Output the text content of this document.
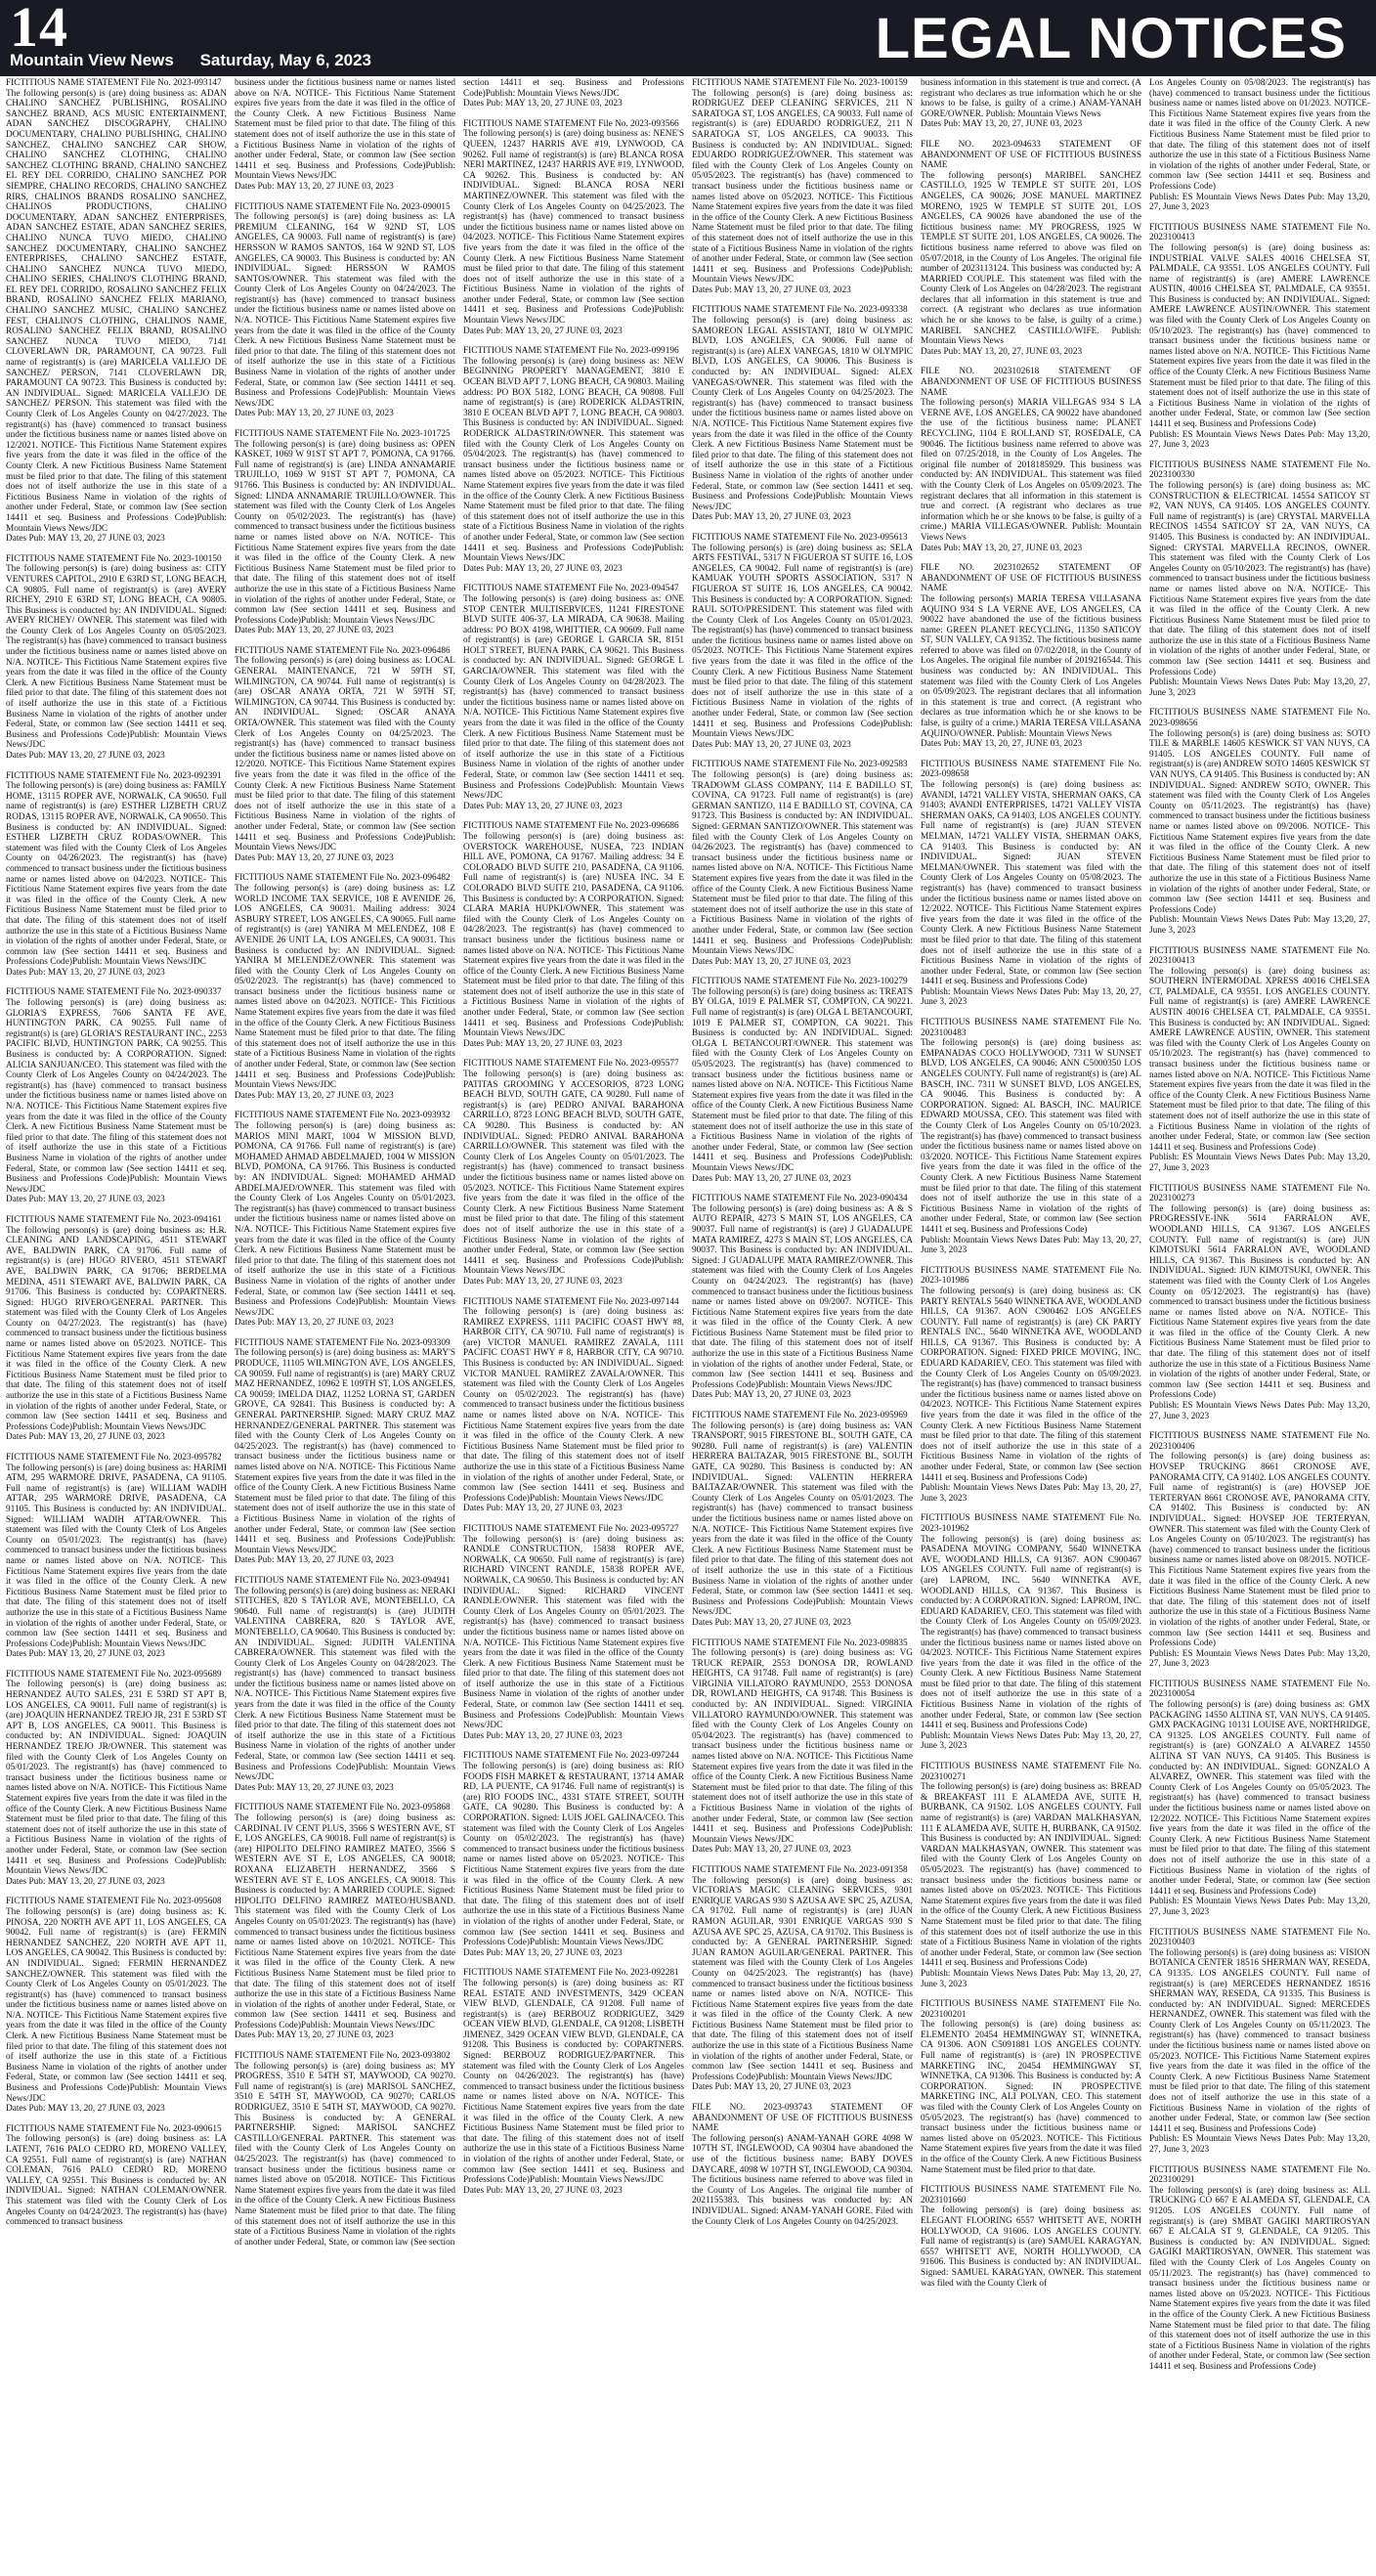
14
Mountain View News Saturday, May 6, 2023	LEGAL NOTICES
FICTITIOUS NAME STATEMENT File No. 2023-093147
The following person(s) is (are) doing business as: ADAN CHALINO SANCHEZ PUBLISHING, ROSALINO SANCHEZ BRAND, ACS MUSIC ENTERTAINMENT, ADAN SANCHEZ DISCOGRAPHY, CHALINO DOCUMENTARY, CHALINO PUBLISHING, CHALINO SANCHEZ, CHALINO SANCHEZ CAR SHOW, CHALINO SANCHEZ CLOTHING, CHALINO SANCHEZ CLOTHING BRAND, CHALINO SANCHEZ EL REY DEL CORRIDO, CHALINO SANCHEZ POR SIEMPRE, CHALINO RECORDS, CHALINO SANCHEZ RIRS, CHALINOS BRANDS ROSALINO SANCHEZ, CHALINOS PRODUCTIONS, CHALINO DOCUMENTARY, ADAN SANCHEZ ENTERPRISES, ADAN SANCHEZ ESTATE, ADAN SANCHEZ SERIES, CHALINO NUNCA TUVO MIEDO, CHALINO SANCHEZ DOCUMENTARY, CHALINO SANCHEZ ENTERPRISES, CHALINO SANCHEZ ESTATE, CHALINO SANCHEZ NUNCA TUVO MIEDO, CHALINO SERIES, CHALINO'S CLOTHING BRAND, EL REY DEL CORRIDO, ROSALINO SANCHEZ FELIX BRAND, ROSALINO SANCHEZ FELIX MARIANO, CHALINO SANCHEZ MUSIC, CHALINO SANCHEZ FEST, CHALINO'S CLOTHING, CHALINOS NAME, ROSALINO SANCHEZ FELIX BRAND, ROSALINO SANCHEZ NUNCA TUVO MIEDO, 7141 CLOVERLAWN DR, PARAMOUNT, CA 90723. Full name of registrant(s) is (are) MARICELA VALLEJO DE SANCHEZ/ PERSON, 7141 CLOVERLAWN DR, PARAMOUNT CA 90723. This Business is conducted by: AN INDIVIDUAL. Signed: MARICELA VALLEJO DE SANCHEZ/ PERSON. This statement was filed with the County Clerk of Los Angeles County on 04/27/2023. The registrant(s) has (have) commenced to transact business under the fictitious business name or names listed above on 12/2021. NOTICE- This Fictitious Name Statement expires five years from the date it was filed in the office of the County Clerk. A new Fictitious Business Name Statement must be filed prior to that date. The filing of this statement does not of itself authorize the use in this state of a Fictitious Business Name in violation of the rights of another under Federal, State, or common law (See section 14411 et seq. Business and Professions Code)Publish: Mountain Views News/JDC
Dates Pub: MAY 13, 20, 27 JUNE 03, 2023
FICTITIOUS NAME STATEMENT File No. 2023-100150
The following person(s) is (are) doing business as: CITY VENTURES CAPITOL, 2910 E 63RD ST, LONG BEACH, CA 90805. Full name of registrant(s) is (are) AVERY RICHEY, 2910 E 63RD ST, LONG BEACH, CA 90805. This Business is conducted by: AN INDIVIDUAL. Signed: AVERY RICHEY/ OWNER. This statement was filed with the County Clerk of Los Angeles County on 05/05/2023. The registrant(s) has (have) commenced to transact business under the fictitious business name or names listed above on N/A. NOTICE- This Fictitious Name Statement expires five years from the date it was filed in the office of the County Clerk. A new Fictitious Business Name Statement must be filed prior to that date. The filing of this statement does not of itself authorize the use in this state of a Fictitious Business Name in violation of the rights of another under Federal, State, or common law (See section 14411 et seq. Business and Professions Code)Publish: Mountain Views News/JDC
Dates Pub: MAY 13, 20, 27 JUNE 03, 2023
FICTITIOUS NAME STATEMENT File No. 2023-092391
The following person(s) is (are) doing business as: FAMILY HOME, 13115 ROPER AVE, NORWALK, CA 90650. Full name of registrant(s) is (are) ESTHER LIZBETH CRUZ RODAS, 13115 ROPER AVE, NORWALK, CA 90650. This Business is conducted by: AN INDIVIDUAL. Signed: ESTHER LIZBETH CRUZ RODAS/OWNER. This statement was filed with the County Clerk of Los Angeles County on 04/26/2023. The registrant(s) has (have) commenced to transact business under the fictitious business name or names listed above on 04/2023. NOTICE- This Fictitious Name Statement expires five years from the date it was filed in the office of the County Clerk. A new Fictitious Business Name Statement must be filed prior to that date. The filing of this statement does not of itself authorize the use in this state of a Fictitious Business Name in violation of the rights of another under Federal, State, or common law (See section 14411 et seq. Business and Professions Code)Publish: Mountain Views News/JDC
Dates Pub: MAY 13, 20, 27 JUNE 03, 2023
FICTITIOUS NAME STATEMENT File No. 2023-090337
The following person(s) is (are) doing business as: GLORIA'S EXPRESS, 7606 SANTA FE AVE, HUNTINGTON PARK, CA 90255. Full name of registrant(s) is (are) GLORIA'S RESTAURANT INC., 2253 PACIFIC BLVD, HUNTINGTON PARK, CA 90255. This Business is conducted by: A CORPORATION. Signed: ALICIA SANJUAN/CEO. This statement was filed with the County Clerk of Los Angeles County on 04/24/2023. The registrant(s) has (have) commenced to transact business under the fictitious business name or names listed above on N/A. NOTICE- This Fictitious Name Statement expires five years from the date it was filed in the office of the County Clerk. A new Fictitious Business Name Statement must be filed prior to that date. The filing of this statement does not of itself authorize the use in this state of a Fictitious Business Name in violation of the rights of another under Federal, State, or common law (See section 14411 et seq. Business and Professions Code)Publish: Mountain Views News/JDC
Dates Pub: MAY 13, 20, 27 JUNE 03, 2023
FICTITIOUS NAME STATEMENT File No. 2023-094161
The following person(s) is (are) doing business as: H.R. CLEANING AND LANDSCAPING, 4511 STEWART AVE, BALDWIN PARK, CA 91706. Full name of registrant(s) is (are) HUGO RIVERO, 4511 STEWART AVE, BALDWIN PARK, CA 91706; BERDELMA MEDINA, 4511 STEWART AVE, BALDWIN PARK, CA 91706. This Business is conducted by: COPARTNERS. Signed: HUGO RIVERO/GENERAL PARTNER. This statement was filed with the County Clerk of Los Angeles County on 04/27/2023. The registrant(s) has (have) commenced to transact business under the fictitious business name or names listed above on 05/2023. NOTICE- This Fictitious Name Statement expires five years from the date it was filed in the office of the County Clerk. A new Fictitious Business Name Statement must be filed prior to that date. The filing of this statement does not of itself authorize the use in this state of a Fictitious Business Name in violation of the rights of another under Federal, State, or common law (See section 14411 et seq. Business and Professions Code)Publish: Mountain Views News/JDC
Dates Pub: MAY 13, 20, 27 JUNE 03, 2023
FICTITIOUS NAME STATEMENT File No. 2023-095782
The following person(s) is (are) doing business as: HARIMI ATM, 295 WARMORE DRIVE, PASADENA, CA 91105. Full name of registrant(s) is (are) WILLIAM WADIH ATTAR, 295 WARMORE DRIVE, PASADENA, CA 91105. This Business is conducted by: AN INDIVIDUAL. Signed: WILLIAM WADIH ATTAR/OWNER. This statement was filed with the County Clerk of Los Angeles County on 05/01/2023. The registrant(s) has (have) commenced to transact business under the fictitious business name or names listed above on N/A. NOTICE- This Fictitious Name Statement expires five years from the date it was filed in the office of the County Clerk. A new Fictitious Business Name Statement must be filed prior to that date. The filing of this statement does not of itself authorize the use in this state of a Fictitious Business Name in violation of the rights of another under Federal, State, or common law (See section 14411 et seq. Business and Professions Code)Publish: Mountain Views News/JDC
Dates Pub: MAY 13, 20, 27 JUNE 03, 2023
FICTITIOUS NAME STATEMENT File No. 2023-095689
The following person(s) is (are) doing business as: HERNANDEZ AUTO SALES, 231 E 53RD ST APT B, LOS ANGELES, CA 90011. Full name of registrant(s) is (are) JOAQUIN HERNANDEZ TREJO JR, 231 E 53RD ST APT B, LOS ANGELES, CA 90011. This Business is conducted by: AN INDIVIDUAL. Signed: JOAQUIN HERNANDEZ TREJO JR/OWNER. This statement was filed with the County Clerk of Los Angeles County on 05/01/2023. The registrant(s) has (have) commenced to transact business under the fictitious business name or names listed above on N/A. NOTICE- This Fictitious Name Statement expires five years from the date it was filed in the office of the County Clerk. A new Fictitious Business Name Statement must be filed prior to that date. The filing of this statement does not of itself authorize the use in this state of a Fictitious Business Name in violation of the rights of another under Federal, State, or common law (See section 14411 et seq. Business and Professions Code)Publish: Mountain Views News/JDC
Dates Pub: MAY 13, 20, 27 JUNE 03, 2023
FICTITIOUS NAME STATEMENT File No. 2023-095608
The following person(s) is (are) doing business as: K. PINOSA, 220 NORTH AVE APT 11, LOS ANGELES, CA 90042. Full name of registrant(s) is (are) FERMIN HERNANDEZ SANCHEZ, 220 NORTH AVE APT 11, LOS ANGELES, CA 90042. This Business is conducted by: AN INDIVIDUAL. Signed: FERMIN HERNANDEZ SANCHEZ/OWNER. This statement was filed with the County Clerk of Los Angeles County on 05/01/2023. The registrant(s) has (have) commenced to transact business under the fictitious business name or names listed above on N/A. NOTICE- This Fictitious Name Statement expires five years from the date it was filed in the office of the County Clerk. A new Fictitious Business Name Statement must be filed prior to that date. The filing of this statement does not of itself authorize the use in this state of a Fictitious Business Name in violation of the rights of another under Federal, State, or common law (See section 14411 et seq. Business and Professions Code)Publish: Mountain Views News/JDC
Dates Pub: MAY 13, 20, 27 JUNE 03, 2023
FICTITIOUS NAME STATEMENT File No. 2023-090615
The following person(s) is (are) doing business as: LA LATENT, 7616 PALO CEDRO RD, MORENO VALLEY, CA 92551. Full name of registrant(s) is (are) NATHAN COLEMAN, 7616 PALO CEDRO RD, MORENO VALLEY, CA 92551. This Business is conducted by: AN INDIVIDUAL. Signed: NATHAN COLEMAN/OWNER. This statement was filed with the County Clerk of Los Angeles County on 04/24/2023. The registrant(s) has (have) commenced to transact business
business under the fictitious business name or names listed above on N/A. NOTICE- This Fictitious Name Statement expires five years from the date it was filed in the office of the County Clerk. A new Fictitious Business Name Statement must be filed prior to that date. The filing of this statement does not of itself authorize the use in this state of a Fictitious Business Name in violation of the rights of another under Federal, State, or common law (See section 14411 et seq. Business and Professions Code)Publish: Mountain Views News/JDC
Dates Pub: MAY 13, 20, 27 JUNE 03, 2023
FICTITIOUS NAME STATEMENT File No. 2023-090015
The following person(s) is (are) doing business as: LA PREMIUM CLEANING, 164 W 92ND ST, LOS ANGELES, CA 90003. Full name of registrant(s) is (are) HERSSON W RAMOS SANTOS, 164 W 92ND ST, LOS ANGELES, CA 90003. This Business is conducted by: AN INDIVIDUAL. Signed: HERSSON W RAMOS SANTOS/OWNER. This statement was filed with the County Clerk of Los Angeles County on 04/24/2023. The registrant(s) has (have) commenced to transact business under the fictitious business name or names listed above on N/A. NOTICE- This Fictitious Name Statement expires five years from the date it was filed in the office of the County Clerk. A new Fictitious Business Name Statement must be filed prior to that date. The filing of this statement does not of itself authorize the use in this state of a Fictitious Business Name in violation of the rights of another under Federal, State, or common law (See section 14411 et seq. Business and Professions Code)Publish: Mountain Views News/JDC
Dates Pub: MAY 13, 20, 27 JUNE 03, 2023
FICTITIOUS NAME STATEMENT File No. 2023-101725
The following person(s) is (are) doing business as: OPEN KASKET, 1069 W 91ST ST APT 7, POMONA, CA 91766. Full name of registrant(s) is (are) LINDA ANNAMARIE TRUJILLO, 1069 W 91ST ST APT 7, POMONA, CA 91766. This Business is conducted by: AN INDIVIDUAL. Signed: LINDA ANNAMARIE TRUJILLO/OWNER. This statement was filed with the County Clerk of Los Angeles County on 05/02/2023. The registrant(s) has (have) commenced to transact business under the fictitious business name or names listed above on N/A. NOTICE- This Fictitious Name Statement expires five years from the date it was filed in the office of the County Clerk. A new Fictitious Business Name Statement must be filed prior to that date. The filing of this statement does not of itself authorize the use in this state of a Fictitious Business Name in violation of the rights of another under Federal, State, or common law (See section 14411 et seq. Business and Professions Code)Publish: Mountain Views News/JDC
Dates Pub: MAY 13, 20, 27 JUNE 03, 2023
FICTITIOUS NAME STATEMENT File No. 2023-096486
The following person(s) is (are) doing business as: LOCAL GENERAL MAINTENANCE, 721 W 59TH ST, WILMINGTON, CA 90744. Full name of registrant(s) is (are) OSCAR ANAYA ORTA, 721 W 59TH ST, WILMINGTON, CA 90744. This Business is conducted by: AN INDIVIDUAL. Signed: OSCAR ANAYA ORTA/OWNER. This statement was filed with the County Clerk of Los Angeles County on 04/25/2023. The registrant(s) has (have) commenced to transact business under the fictitious business name or names listed above on 12/2020. NOTICE- This Fictitious Name Statement expires five years from the date it was filed in the office of the County Clerk. A new Fictitious Business Name Statement must be filed prior to that date. The filing of this statement does not of itself authorize the use in this state of a Fictitious Business Name in violation of the rights of another under Federal, State, or common law (See section 14411 et seq. Business and Professions Code)Publish: Mountain Views News/JDC
Dates Pub: MAY 13, 20, 27 JUNE 03, 2023
FICTITIOUS NAME STATEMENT File No. 2023-096482
The following person(s) is (are) doing business as: LZ WORLD INCOME TAX SERVICE, 108 E AVENIDE 26, LOS ANGELES, CA 90031. Mailing address: 3024 ASBURY STREET, LOS ANGELES, CA 90065. Full name of registrant(s) is (are) YANIRA M MELENDEZ, 108 E AVENIDE 26 UNIT LA, LOS ANGELES, CA 90031. This Business is conducted by: AN INDIVIDUAL. Signed: YANIRA M MELENDEZ/OWNER. This statement was filed with the County Clerk of Los Angeles County on 05/02/2023. The registrant(s) has (have) commenced to transact business under the fictitious business name or names listed above on 04/2023. NOTICE- This Fictitious Name Statement expires five years from the date it was filed in the office of the County Clerk. A new Fictitious Business Name Statement must be filed prior to that date. The filing of this statement does not of itself authorize the use in this state of a Fictitious Business Name in violation of the rights of another under Federal, State, or common law (See section 14411 et seq. Business and Professions Code)Publish: Mountain Views News/JDC
Dates Pub: MAY 13, 20, 27 JUNE 03, 2023
FICTITIOUS NAME STATEMENT File No. 2023-093932
The following person(s) is (are) doing business as: MARIOS MINI MART, 1004 W MISSION BLVD, POMONA, CA 91766. Full name of registrant(s) is (are) MOHAMED AHMAD ABDELMAJED, 1004 W MISSION BLVD, POMONA, CA 91766. This Business is conducted by: AN INDIVIDUAL. Signed: MOHAMED AHMAD ABDELMAJED/OWNER. This statement was filed with the County Clerk of Los Angeles County on 05/01/2023. The registrant(s) has (have) commenced to transact business under the fictitious business name or names listed above on N/A. NOTICE- This Fictitious Name Statement expires five years from the date it was filed in the office of the County Clerk. A new Fictitious Business Name Statement must be filed prior to that date. The filing of this statement does not of itself authorize the use in this state of a Fictitious Business Name in violation of the rights of another under Federal, State, or common law (See section 14411 et seq. Business and Professions Code)Publish: Mountain Views News/JDC
Dates Pub: MAY 13, 20, 27 JUNE 03, 2023
FICTITIOUS NAME STATEMENT File No. 2023-093309
The following person(s) is (are) doing business as: MARY'S PRODUCE, 11105 WILMINGTON AVE, LOS ANGELES, CA 90059. Full name of registrant(s) is (are) MARY CRUZ MAZ HERNANDEZ, 10962 E 109TH ST, LOS ANGELES, CA 90059; IMELDA DIAZ, 11252 LORNA ST, GARDEN GROVE, CA 92841. This Business is conducted by: A GENERAL PARTNERSHIP. Signed: MARY CRUZ MAZ HERNANDEZ/GENERAL PARTNER. This statement was filed with the County Clerk of Los Angeles County on 04/25/2023. The registrant(s) has (have) commenced to transact business under the fictitious business name or names listed above on N/A. NOTICE- This Fictitious Name Statement expires five years from the date it was filed in the office of the County Clerk. A new Fictitious Business Name Statement must be filed prior to that date. The filing of this statement does not of itself authorize the use in this state of a Fictitious Business Name in violation of the rights of another under Federal, State, or common law (See section 14411 et seq. Business and Professions Code)Publish: Mountain Views News/JDC
Dates Pub: MAY 13, 20, 27 JUNE 03, 2023
FICTITIOUS NAME STATEMENT File No. 2023-094941
The following person(s) is (are) doing business as: NERAKI STITCHES, 820 S TAYLOR AVE, MONTEBELLO, CA 90640. Full name of registrant(s) is (are) JUDITH VALENTINA CABRERA, 820 S TAYLOR AVE, MONTEBELLO, CA 90640. This Business is conducted by: AN INDIVIDUAL. Signed: JUDITH VALENTINA CABRERA/OWNER. This statement was filed with the County Clerk of Los Angeles County on 04/28/2023. The registrant(s) has (have) commenced to transact business under the fictitious business name or names listed above on N/A. NOTICE- This Fictitious Name Statement expires five years from the date it was filed in the office of the County Clerk. A new Fictitious Business Name Statement must be filed prior to that date. The filing of this statement does not of itself authorize the use in this state of a Fictitious Business Name in violation of the rights of another under Federal, State, or common law (See section 14411 et seq. Business and Professions Code)Publish: Mountain Views News/JDC
Dates Pub: MAY 13, 20, 27 JUNE 03, 2023
FICTITIOUS NAME STATEMENT File No. 2023-095868
The following person(s) is (are) doing business as: CARDINAL IV CENT PLUS, 3566 S WESTERN AVE, ST E, LOS ANGELES, CA 90018. Full name of registrant(s) is (are) HIPOLITO DELFINO RAMIREZ MATEO, 3566 S WESTERN AVE ST E, LOS ANGELES, CA 90018; ROXANA ELIZABETH HERNANDEZ, 3566 S WESTERN AVE ST E, LOS ANGELES, CA 90018. This Business is conducted by: A MARRIED COUPLE. Signed: HIPOLITO DELFINO RAMIREZ MATEO/HUSBAND. This statement was filed with the County Clerk of Los Angeles County on 05/01/2023. The registrant(s) has (have) commenced to transact business under the fictitious business name or names listed above on 10/2021. NOTICE- This Fictitious Name Statement expires five years from the date it was filed in the office of the County Clerk. A new Fictitious Business Name Statement must be filed prior to that date. The filing of this statement does not of itself authorize the use in this state of a Fictitious Business Name in violation of the rights of another under Federal, State, or common law (See section 14411 et seq. Business and Professions Code)Publish: Mountain Views News/JDC
Dates Pub: MAY 13, 20, 27 JUNE 03, 2023
FICTITIOUS NAME STATEMENT File No. 2023-093802
The following person(s) is (are) doing business as: MY PROGRESS, 3510 E 54TH ST, MAYWOOD, CA 90270. Full name of registrant(s) is (are) MARISOL SANCHEZ, 3510 E 54TH ST, MAYWOOD, CA 90270; CARLOS RODRIGUEZ, 3510 E 54TH ST, MAYWOOD, CA 90270. This Business is conducted by: A GENERAL PARTNERSHIP. Signed: MARISOL SANCHEZ CASTILLO/GENERAL PARTNER. This statement was filed with the County Clerk of Los Angeles County on 04/25/2023. The registrant(s) has (have) commenced to transact business under the fictitious business name or names listed above on 05/2018. NOTICE- This Fictitious Name Statement expires five years from the date it was filed in the office of the County Clerk. A new Fictitious Business Name Statement must be filed prior to that date. The filing of this statement does not of itself authorize the use in this state of a Fictitious Business Name in violation of the rights of another under Federal, State, or common law (See section
section 14411 et seq. Business and Professions Code)Publish: Mountain Views News/JDC
Dates Pub: MAY 13, 20, 27 JUNE 03, 2023
FICTITIOUS NAME STATEMENT File No. 2023-093566
The following person(s) is (are) doing business as: NENE'S QUEEN, 12437 HARRIS AVE #19, LYNWOOD, CA 90262. Full name of registrant(s) is (are) BLANCA ROSA NERI MARTINEZ, 12437 HARRIS AVE #19, LYNWOOD, CA 90262. This Business is conducted by: AN INDIVIDUAL. Signed: BLANCA ROSA NERI MARTINEZ/OWNER. This statement was filed with the County Clerk of Los Angeles County on 04/25/2023. The registrant(s) has (have) commenced to transact business under the fictitious business name or names listed above on 04/2023. NOTICE- This Fictitious Name Statement expires five years from the date it was filed in the office of the County Clerk. A new Fictitious Business Name Statement must be filed prior to that date. The filing of this statement does not of itself authorize the use in this state of a Fictitious Business Name in violation of the rights of another under Federal, State, or common law (See section 14411 et seq. Business and Professions Code)Publish: Mountain Views News/JDC
Dates Pub: MAY 13, 20, 27 JUNE 03, 2023
FICTITIOUS NAME STATEMENT File No. 2023-099196
The following person(s) is (are) doing business as: NEW BEGINNING PROPERTY MANAGEMENT, 3810 E OCEAN BLVD APT 7, LONG BEACH, CA 90803. Mailing address: PO BOX 5182, LONG BEACH, CA 90808. Full name of registrant(s) is (are) RODERICK ALDASTRIN, 3810 E OCEAN BLVD APT 7, LONG BEACH, CA 90803. This Business is conducted by: AN INDIVIDUAL. Signed: RODERICK ALDASTRIN/OWNER. This statement was filed with the County Clerk of Los Angeles County on 05/04/2023. The registrant(s) has (have) commenced to transact business under the fictitious business name or names listed above on 05/2023. NOTICE- This Fictitious Name Statement expires five years from the date it was filed in the office of the County Clerk. A new Fictitious Business Name Statement must be filed prior to that date. The filing of this statement does not of itself authorize the use in this state of a Fictitious Business Name in violation of the rights of another under Federal, State, or common law (See section 14411 et seq. Business and Professions Code)Publish: Mountain Views News/JDC
Dates Pub: MAY 13, 20, 27 JUNE 03, 2023
FICTITIOUS NAME STATEMENT File No. 2023-094547
The following person(s) is (are) doing business as: ONE STOP CENTER MULTISERVICES, 11241 FIRESTONE BLVD SUITE 406-37, LA MIRADA, CA 90638. Mailing address: PO BOX 4198, WHITTIER, CA 90609. Full name of registrant(s) is (are) GEORGE L GARCIA SR, 8151 HOLT STREET, BUENA PARK, CA 90621. This Business is conducted by: AN INDIVIDUAL. Signed: GEORGE L GARCIA/OWNER. This statement was filed with the County Clerk of Los Angeles County on 04/28/2023. The registrant(s) has (have) commenced to transact business under the fictitious business name or names listed above on N/A. NOTICE- This Fictitious Name Statement expires five years from the date it was filed in the office of the County Clerk. A new Fictitious Business Name Statement must be filed prior to that date. The filing of this statement does not of itself authorize the use in this state of a Fictitious Business Name in violation of the rights of another under Federal, State, or common law (See section 14411 et seq. Business and Professions Code)Publish: Mountain Views News/JDC
Dates Pub: MAY 13, 20, 27 JUNE 03, 2023
FICTITIOUS NAME STATEMENT File No. 2023-096686
The following person(s) is (are) doing business as: OVERSTOCK WAREHOUSE, NUSEA, 723 INDIAN HILL AVE, POMONA, CA 91767. Mailing address: 34 E COLORADO BLVD SUITE 210, PASADENA, CA 91106. Full name of registrant(s) is (are) NUSEA INC. 34 E COLORADO BLVD SUITE 210, PASADENA, CA 91106. This Business is conducted by: A CORPORATION. Signed: CLARA MARIA HUPKI/OWNER. This statement was filed with the County Clerk of Los Angeles County on 04/28/2023. The registrant(s) has (have) commenced to transact business under the fictitious business name or names listed above on N/A. NOTICE- This Fictitious Name Statement expires five years from the date it was filed in the office of the County Clerk. A new Fictitious Business Name Statement must be filed prior to that date. The filing of this statement does not of itself authorize the use in this state of a Fictitious Business Name in violation of the rights of another under Federal, State, or common law (See section 14411 et seq. Business and Professions Code)Publish: Mountain Views News/JDC
Dates Pub: MAY 13, 20, 27 JUNE 03, 2023
FICTITIOUS NAME STATEMENT File No. 2023-095577
The following person(s) is (are) doing business as: PATITAS GROOMING Y ACCESORIOS, 8723 LONG BEACH BLVD, SOUTH GATE, CA 90280. Full name of registrant(s) is (are) PEDRO ANIVAL BARAHONA CARRILLO, 8723 LONG BEACH BLVD, SOUTH GATE, CA 90280. This Business is conducted by: AN INDIVIDUAL. Signed: PEDRO ANIVAL BARAHONA CARRILLO/OWNER. This statement was filed with the County Clerk of Los Angeles County on 05/01/2023. The registrant(s) has (have) commenced to transact business under the fictitious business name or names listed above on 05/2023. NOTICE- This Fictitious Name Statement expires five years from the date it was filed in the office of the County Clerk. A new Fictitious Business Name Statement must be filed prior to that date. The filing of this statement does not of itself authorize the use in this state of a Fictitious Business Name in violation of the rights of another under Federal, State, or common law (See section 14411 et seq. Business and Professions Code)Publish: Mountain Views News/JDC
Dates Pub: MAY 13, 20, 27 JUNE 03, 2023
FICTITIOUS NAME STATEMENT File No. 2023-097144
The following person(s) is (are) doing business as: RAMIREZ EXPRESS, 1111 PACIFIC COAST HWY #8, HARBOR CITY, CA 90710. Full name of registrant(s) is (are) VICTOR MANUEL RAMIREZ ZAVALA, 1111 PACIFIC COAST HWY # 8, HARBOR CITY, CA 90710. This Business is conducted by: AN INDIVIDUAL. Signed: VICTOR MANUEL RAMIREZ ZAVALA/OWNER. This statement was filed with the County Clerk of Los Angeles County on 05/02/2023. The registrant(s) has (have) commenced to transact business under the fictitious business name or names listed above on N/A. NOTICE- This Fictitious Name Statement expires five years from the date it was filed in the office of the County Clerk. A new Fictitious Business Name Statement must be filed prior to that date. The filing of this statement does not of itself authorize the use in this state of a Fictitious Business Name in violation of the rights of another under Federal, State, or common law (See section 14411 et seq. Business and Professions Code)Publish: Mountain Views News/JDC
Dates Pub: MAY 13, 20, 27 JUNE 03, 2023
FICTITIOUS NAME STATEMENT File No. 2023-095727
The following person(s) is (are) doing business as: RANDLE CONSTRUCTION, 15838 ROPER AVE, NORWALK, CA 90650. Full name of registrant(s) is (are) RICHARD VINCENT RANDLE, 15838 ROPER AVE, NORWALK, CA 90650. This Business is conducted by: AN INDIVIDUAL. Signed: RICHARD VINCENT RANDLE/OWNER. This statement was filed with the County Clerk of Los Angeles County on 05/01/2023. The registrant(s) has (have) commenced to transact business under the fictitious business name or names listed above on N/A. NOTICE- This Fictitious Name Statement expires five years from the date it was filed in the office of the County Clerk. A new Fictitious Business Name Statement must be filed prior to that date. The filing of this statement does not of itself authorize the use in this state of a Fictitious Business Name in violation of the rights of another under Federal, State, or common law (See section 14411 et seq. Business and Professions Code)Publish: Mountain Views News/JDC
Dates Pub: MAY 13, 20, 27 JUNE 03, 2023
FICTITIOUS NAME STATEMENT File No. 2023-097244
The following person(s) is (are) doing business as: RIO FOODS FISH MARKET & RESTAURANT, 13714 AMAR RD, LA PUENTE, CA 91746. Full name of registrant(s) is (are) RIO FOODS INC., 4331 STATE STREET, SOUTH GATE, CA 90280. This Business is conducted by: A CORPORATION. Signed: LUIS JOEL GALINA/CEO. This statement was filed with the County Clerk of Los Angeles County on 05/02/2023. The registrant(s) has (have) commenced to transact business under the fictitious business name or names listed above on 05/2023. NOTICE- This Fictitious Name Statement expires five years from the date it was filed in the office of the County Clerk. A new Fictitious Business Name Statement must be filed prior to that date. The filing of this statement does not of itself authorize the use in this state of a Fictitious Business Name in violation of the rights of another under Federal, State, or common law (See section 14411 et seq. Business and Professions Code)Publish: Mountain Views News/JDC
Dates Pub: MAY 13, 20, 27 JUNE 03, 2023
FICTITIOUS NAME STATEMENT File No. 2023-092281
The following person(s) is (are) doing business as: RT REAL ESTATE AND INVESTMENTS, 3429 OCEAN VIEW BLVD, GLENDALE, CA 91208. Full name of registrant(s) is (are) BERBOUZ RODRIGUEZ, 3429 OCEAN VIEW BLVD, GLENDALE, CA 91208; LISBETH JIMENEZ, 3429 OCEAN VIEW BLVD, GLENDALE, CA 91208. This Business is conducted by: COPARTNERS. Signed: BERBOUZ RODRIGUEZ/PARTNER. This statement was filed with the County Clerk of Los Angeles County on 04/26/2023. The registrant(s) has (have) commenced to transact business under the fictitious business name or names listed above on N/A. NOTICE- This Fictitious Name Statement expires five years from the date it was filed in the office of the County Clerk. A new Fictitious Business Name Statement must be filed prior to that date. The filing of this statement does not of itself authorize the use in this state of a Fictitious Business Name in violation of the rights of another under Federal, State, or common law (See section 14411 et seq. Business and Professions Code)Publish: Mountain Views News/JDC
Dates Pub: MAY 13, 20, 27 JUNE 03, 2023
FICTITIOUS NAME STATEMENT File No. 2023-100159
The following person(s) is (are) doing business as: RODRIGUEZ DEEP CLEANING SERVICES, 211 N SARATOGA ST, LOS ANGELES, CA 90033. Full name of registrant(s) is (are) EDUARDO RODRIGUEZ, 211 N SARATOGA ST, LOS ANGELES, CA 90033. This Business is conducted by: AN INDIVIDUAL. Signed: EDUARDO RODRIGUEZ/OWNER. This statement was filed with the County Clerk of Los Angeles County on 05/05/2023. The registrant(s) has (have) commenced to transact business under the fictitious business name or names listed above on 05/2023. NOTICE- This Fictitious Name Statement expires five years from the date it was filed in the office of the County Clerk. A new Fictitious Business Name Statement must be filed prior to that date. The filing of this statement does not of itself authorize the use in this state of a Fictitious Business Name in violation of the rights of another under Federal, State, or common law (See section 14411 et seq. Business and Professions Code)Publish: Mountain Views News/JDC
Dates Pub: MAY 13, 20, 27 JUNE 03, 2023
FICTITIOUS NAME STATEMENT File No. 2023-093338
The following person(s) is (are) doing business as: SAMOREON LEGAL ASSISTANT, 1810 W OLYMPIC BLVD, LOS ANGELES, CA 90006. Full name of registrant(s) is (are) ALEX VANEGAS, 1810 W OLYMPIC BLVD, LOS ANGELES, CA 90006. This Business is conducted by: AN INDIVIDUAL. Signed: ALEX VANEGAS/OWNER. This statement was filed with the County Clerk of Los Angeles County on 04/25/2023. The registrant(s) has (have) commenced to transact business under the fictitious business name or names listed above on N/A. NOTICE- This Fictitious Name Statement expires five years from the date it was filed in the office of the County Clerk. A new Fictitious Business Name Statement must be filed prior to that date. The filing of this statement does not of itself authorize the use in this state of a Fictitious Business Name in violation of the rights of another under Federal, State, or common law (See section 14411 et seq. Business and Professions Code)Publish: Mountain Views News/JDC
Dates Pub: MAY 13, 20, 27 JUNE 03, 2023
FICTITIOUS NAME STATEMENT File No. 2023-095613
The following person(s) is (are) doing business as: SELA ARTS FESTIVAL, 5317 N FIGUEROA ST SUITE 16, LOS ANGELES, CA 90042. Full name of registrant(s) is (are) KAMUAK YOUTH SPORTS ASSOCIATION, 5317 N FIGUEROA ST SUITE 16, LOS ANGELES, CA 90042. This Business is conducted by: A CORPORATION. Signed: RAUL SOTO/PRESIDENT. This statement was filed with the County Clerk of Los Angeles County on 05/01/2023. The registrant(s) has (have) commenced to transact business under the fictitious business name or names listed above on 05/2023. NOTICE- This Fictitious Name Statement expires five years from the date it was filed in the office of the County Clerk. A new Fictitious Business Name Statement must be filed prior to that date. The filing of this statement does not of itself authorize the use in this state of a Fictitious Business Name in violation of the rights of another under Federal, State, or common law (See section 14411 et seq. Business and Professions Code)Publish: Mountain Views News/JDC
Dates Pub: MAY 13, 20, 27 JUNE 03, 2023
FICTITIOUS NAME STATEMENT File No. 2023-092583
The following person(s) is (are) doing business as: TRADOWM GLASS COMPANY, 114 E BADILLO ST, COVINA, CA 91723. Full name of registrant(s) is (are) GERMAN SANTIZO, 114 E BADILLO ST, COVINA, CA 91723. This Business is conducted by: AN INDIVIDUAL. Signed: GERMAN SANTIZO/OWNER. This statement was filed with the County Clerk of Los Angeles County on 04/26/2023. The registrant(s) has (have) commenced to transact business under the fictitious business name or names listed above on N/A. NOTICE- This Fictitious Name Statement expires five years from the date it was filed in the office of the County Clerk. A new Fictitious Business Name Statement must be filed prior to that date. The filing of this statement does not of itself authorize the use in this state of a Fictitious Business Name in violation of the rights of another under Federal, State, or common law (See section 14411 et seq. Business and Professions Code)Publish: Mountain Views News/JDC
Dates Pub: MAY 13, 20, 27 JUNE 03, 2023
FICTITIOUS NAME STATEMENT File No. 2023-100279
The following person(s) is (are) doing business as: TREATS BY OLGA, 1019 E PALMER ST, COMPTON, CA 90221. Full name of registrant(s) is (are) OLGA L BETANCOURT, 1019 E PALMER ST, COMPTON, CA 90221. This Business is conducted by: AN INDIVIDUAL. Signed: OLGA L BETANCOURT/OWNER. This statement was filed with the County Clerk of Los Angeles County on 05/05/2023. The registrant(s) has (have) commenced to transact business under the fictitious business name or names listed above on N/A. NOTICE- This Fictitious Name Statement expires five years from the date it was filed in the office of the County Clerk. A new Fictitious Business Name Statement must be filed prior to that date. The filing of this statement does not of itself authorize the use in this state of a Fictitious Business Name in violation of the rights of another under Federal, State, or common law (See section 14411 et seq. Business and Professions Code)Publish: Mountain Views News/JDC
Dates Pub: MAY 13, 20, 27 JUNE 03, 2023
FICTITIOUS NAME STATEMENT File No. 2023-090434
The following person(s) is (are) doing business as: A & S AUTO REPAIR, 4273 S MAIN ST, LOS ANGELES, CA 90037. Full name of registrant(s) is (are) J GUADALUPE MATA RAMIREZ, 4273 S MAIN ST, LOS ANGELES, CA 90037. This Business is conducted by: AN INDIVIDUAL. Signed: J GUADALUPE MATA RAMIREZ/OWNER. This statement was filed with the County Clerk of Los Angeles County on 04/24/2023. The registrant(s) has (have) commenced to transact business under the fictitious business name or names listed above on 09/2007. NOTICE- This Fictitious Name Statement expires five years from the date it was filed in the office of the County Clerk. A new Fictitious Business Name Statement must be filed prior to that date. The filing of this statement does not of itself authorize the use in this state of a Fictitious Business Name in violation of the rights of another under Federal, State, or common law (See section 14411 et seq. Business and Professions Code)Publish: Mountain Views News/JDC
Dates Pub: MAY 13, 20, 27 JUNE 03, 2023
FICTITIOUS NAME STATEMENT File No. 2023-095969
The following person(s) is (are) doing business as: VAN TRANSPORT, 9015 FIRESTONE BL, SOUTH GATE, CA 90280. Full name of registrant(s) is (are) VALENTIN HERRERA BALTAZAR, 9015 FIRESTONE BL, SOUTH GATE, CA 90280. This Business is conducted by: AN INDIVIDUAL. Signed: VALENTIN HERRERA BALTAZAR/OWNER. This statement was filed with the County Clerk of Los Angeles County on 05/01/2023. The registrant(s) has (have) commenced to transact business under the fictitious business name or names listed above on N/A. NOTICE- This Fictitious Name Statement expires five years from the date it was filed in the office of the County Clerk. A new Fictitious Business Name Statement must be filed prior to that date. The filing of this statement does not of itself authorize the use in this state of a Fictitious Business Name in violation of the rights of another under Federal, State, or common law (See section 14411 et seq. Business and Professions Code)Publish: Mountain Views News/JDC
Dates Pub: MAY 13, 20, 27 JUNE 03, 2023
FICTITIOUS NAME STATEMENT File No. 2023-098835
The following person(s) is (are) doing business as: VG TRUCK REPAIR, 2553 DONOSA DR, ROWLAND HEIGHTS, CA 91748. Full name of registrant(s) is (are) VIRGINIA VILLATORO RAYMUNDO, 2553 DONOSA DR, ROWLAND HEIGHTS, CA 91748. This Business is conducted by: AN INDIVIDUAL. Signed: VIRGINIA VILLATORO RAYMUNDO/OWNER. This statement was filed with the County Clerk of Los Angeles County on 05/04/2023. The registrant(s) has (have) commenced to transact business under the fictitious business name or names listed above on N/A. NOTICE- This Fictitious Name Statement expires five years from the date it was filed in the office of the County Clerk. A new Fictitious Business Name Statement must be filed prior to that date. The filing of this statement does not of itself authorize the use in this state of a Fictitious Business Name in violation of the rights of another under Federal, State, or common law (See section 14411 et seq. Business and Professions Code)Publish: Mountain Views News/JDC
Dates Pub: MAY 13, 20, 27 JUNE 03, 2023
FICTITIOUS NAME STATEMENT File No. 2023-091358
The following person(s) is (are) doing business as: VICTORIA'S MAGIC CLEANING SERVICES, 9301 ENRIQUE VARGAS 930 S AZUSA AVE SPC 25, AZUSA, CA 91702. Full name of registrant(s) is (are) JUAN RAMON AGUILAR, 9301 ENRIQUE VARGAS 930 S AZUSA AVE SPC 25, AZUSA, CA 91702. This Business is conducted by: A GENERAL PARTNERSHIP. Signed: JUAN RAMON AGUILAR/GENERAL PARTNER. This statement was filed with the County Clerk of Los Angeles County on 04/25/2023. The registrant(s) has (have) commenced to transact business under the fictitious business name or names listed above on N/A. NOTICE- This Fictitious Name Statement expires five years from the date it was filed in the office of the County Clerk. A new Fictitious Business Name Statement must be filed prior to that date. The filing of this statement does not of itself authorize the use in this state of a Fictitious Business Name in violation of the rights of another under Federal, State, or common law (See section 14411 et seq. Business and Professions Code)Publish: Mountain Views News/JDC
Dates Pub: MAY 13, 20, 27 JUNE 03, 2023
FILE NO. 2023-093743 STATEMENT OF ABANDONMENT OF USE OF FICTITIOUS BUSINESS NAME
The following person(s) ANAM-YANAH GORE 4098 W 107TH ST, INGLEWOOD, CA 90304 have abandoned the use of the fictitious business name: BABY DOVES DAYCARE, 4098 W 107TH ST, INGLEWOOD, CA 90304. The fictitious business name referred to above was filed in the County of Los Angeles. The original file number of 2021155383. This business was conducted by: AN INDIVIDUAL. Signed: ANAM-YANAH GORE. Filed with the County Clerk of Los Angeles County on 04/25/2023.
business information in this statement is true and correct. (A registrant who declares as true information which he or she knows to be false, is guilty of a crime.) ANAM-YANAH GORE/OWNER. Publish: Mountain Views News
Dates Pub: MAY 13, 20, 27, JUNE 03, 2023
FILE NO. 2023-094633 STATEMENT OF ABANDONMENT OF USE OF FICTITIOUS BUSINESS NAME
The following person(s) MARIBEL SANCHEZ CASTILLO, 1925 W TEMPLE ST SUITE 201, LOS ANGELES, CA 90026; JOSE MANUEL MARTINEZ MORENO, 1925 W TEMPLE ST SUITE 201, LOS ANGELES, CA 90026 have abandoned the use of the fictitious business name: MY PROGRESS, 1925 W TEMPLE ST SUITE 201, LOS ANGELES, CA 90026. The fictitious business name referred to above was filed on 05/07/2018, in the County of Los Angeles. The original file number of 2023113124. This business was conducted by: A MARRIED COUPLE. This statement was filed with the County Clerk of Los Angeles on 04/28/2023. The registrant declares that all information in this statement is true and correct. (A registrant who declares as true information which he or she knows to be false, is guilty of a crime.) MARIBEL SANCHEZ CASTILLO/WIFE. Publish: Mountain Views News
Dates Pub: MAY 13, 20, 27, JUNE 03, 2023
FILE NO. 2023102618 STATEMENT OF ABANDONMENT OF USE OF FICTITIOUS BUSINESS NAME
The following person(s) MARIA VILLEGAS 934 S LA VERNE AVE, LOS ANGELES, CA 90022 have abandoned the use of the fictitious business name: PLANET RECYCLING, 1104 E ROLLAND ST, ROSEDALE, CA 90046. The fictitious business name referred to above was filed on 07/25/2018, in the County of Los Angeles. The original file number of 2018185929. This business was conducted by: AN INDIVIDUAL. This statement was filed with the County Clerk of Los Angeles on 05/09/2023. The registrant declares that all information in this statement is true and correct. (A registrant who declares as true information which he or she knows to be false, is guilty of a crime.) MARIA VILLEGAS/OWNER. Publish: Mountain Views News
Dates Pub: MAY 13, 20, 27, JUNE 03, 2023
FILE NO. 2023102652 STATEMENT OF ABANDONMENT OF USE OF FICTITIOUS BUSINESS NAME
The following person(s) MARIA TERESA VILLASANA AQUINO 934 S LA VERNE AVE, LOS ANGELES, CA 90022 have abandoned the use of the fictitious business name: GREEN PLANET RECYCLING, 11350 SATICOY ST, SUN VALLEY, CA 91352. The fictitious business name referred to above was filed on 07/02/2018, in the County of Los Angeles. The original file number of 2019216544. This business was conducted by: AN INDIVIDUAL. This statement was filed with the County Clerk of Los Angeles on 05/09/2023. The registrant declares that all information in this statement is true and correct. (A registrant who declares as true information which he or she knows to be false, is guilty of a crime.) MARIA TERESA VILLASANA AQUINO/OWNER. Publish: Mountain Views News
Dates Pub: MAY 13, 20, 27, JUNE 03, 2023
FICTITIOUS BUSINESS NAME STATEMENT File No. 2023-098658
The following person(s) is (are) doing business as: AVANDI, 14721 VALLEY VISTA, SHERMAN OAKS, CA 91403; AVANDI ENTERPRISES, 14721 VALLEY VISTA SHERMAN OAKS, CA 91403, LOS ANGELES COUNTY. Full name of registrant(s) is (are) JUAN STEVEN MELMAN, 14721 VALLEY VISTA, SHERMAN OAKS, CA 91403. This Business is conducted by: AN INDIVIDUAL. Signed: JUAN STEVEN MELMAN/OWNER. This statement was filed with the County Clerk of Los Angeles County on 05/08/2023. The registrant(s) has (have) commenced to transact business under the fictitious business name or names listed above on 12/2022. NOTICE- This Fictitious Name Statement expires five years from the date it was filed in the office of the County Clerk. A new Fictitious Business Name Statement must be filed prior to that date. The filing of this statement does not of itself authorize the use in this state of a Fictitious Business Name in violation of the rights of another under Federal, State, or common law (See section 14411 et seq. Business and Professions Code)
Publish: Mountain Views News Dates Pub: May 13, 20, 27, June 3, 2023
FICTITIOUS BUSINESS NAME STATEMENT File No. 2023100483
The following person(s) is (are) doing business as: EMPANADAS COCO HOLLYWOOD, 7311 W SUNSET BLVD, LOS ANGELES, CA 90046; ANN C5000350 LOS ANGELES COUNTY. Full name of registrant(s) is (are) AL BASCH, INC. 7311 W SUNSET BLVD, LOS ANGELES, CA 90046. This Business is conducted by: A CORPORATION. Signed: AL BASCH, INC. MAURICE EDWARD MOUSSA, CEO. This statement was filed with the County Clerk of Los Angeles County on 05/10/2023. The registrant(s) has (have) commenced to transact business under the fictitious business name or names listed above on 03/2020. NOTICE- This Fictitious Name Statement expires five years from the date it was filed in the office of the County Clerk. A new Fictitious Business Name Statement must be filed prior to that date. The filing of this statement does not of itself authorize the use in this state of a Fictitious Business Name in violation of the rights of another under Federal, State, or common law (See section 14411 et seq. Business and Professions Code)
Publish: Mountain Views News Dates Pub: May 13, 20, 27, June 3, 2023
FICTITIOUS BUSINESS NAME STATEMENT File No. 2023-101986
The following person(s) is (are) doing business as: CK PARTY RENTALS 5640 WINNETKA AVE, WOODLAND HILLS, CA 91367. AON C900462 LOS ANGELES COUNTY. Full name of registrant(s) is (are) CK PARTY RENTALS INC., 5640 WINNETKA AVE, WOODLAND HILLS, CA 91367. This Business is conducted by: A CORPORATION. Signed: FIXED PRICE MOVING, INC. EDUARD KADARIEV, CEO. This statement was filed with the County Clerk of Los Angeles County on 05/09/2023. The registrant(s) has (have) commenced to transact business under the fictitious business name or names listed above on 04/2023. NOTICE- This Fictitious Name Statement expires five years from the date it was filed in the office of the County Clerk. A new Fictitious Business Name Statement must be filed prior to that date. The filing of this statement does not of itself authorize the use in this state of a Fictitious Business Name in violation of the rights of another under Federal, State, or common law (See section 14411 et seq. Business and Professions Code)
Publish: Mountain Views News Dates Pub: May 13, 20, 27, June 3, 2023
FICTITIOUS BUSINESS NAME STATEMENT File No. 2023-101962
The following person(s) is (are) doing business as: PASADENA MOVING COMPANY, 5640 WINNETKA AVE, WOODLAND HILLS, CA 91367. AON C900467 LOS ANGELES COUNTY. Full name of registrant(s) is (are) LAPROM, INC. 5640 WINNETKA AVE, WOODLAND HILLS, CA 91367. This Business is conducted by: A CORPORATION. Signed: LAPROM, INC. EDUARD KADARIEV, CEO. This statement was filed with the County Clerk of Los Angeles County on 05/09/2023. The registrant(s) has (have) commenced to transact business under the fictitious business name or names listed above on 04/2023. NOTICE- This Fictitious Name Statement expires five years from the date it was filed in the office of the County Clerk. A new Fictitious Business Name Statement must be filed prior to that date. The filing of this statement does not of itself authorize the use in this state of a Fictitious Business Name in violation of the rights of another under Federal, State, or common law (See section 14411 et seq. Business and Professions Code)
Publish: Mountain Views News Dates Pub: May 13, 20, 27, June 3, 2023
FICTITIOUS BUSINESS NAME STATEMENT File No. 2023100271
The following person(s) is (are) doing business as: BREAD & BREAKFAST 111 E ALAMEDA AVE, SUITE H, BURBANK, CA 91502. LOS ANGELES COUNTY. Full name of registrant(s) is (are) VARDAN MALKHASYAN, 111 E ALAMEDA AVE, SUITE H, BURBANK, CA 91502. This Business is conducted by: AN INDIVIDUAL. Signed: VARDAN MALKHASYAN, OWNER. This statement was filed with the County Clerk of Los Angeles County on 05/05/2023. The registrant(s) has (have) commenced to transact business under the fictitious business name or names listed above on 05/2023. NOTICE- This Fictitious Name Statement expires five years from the date it was filed in the office of the County Clerk. A new Fictitious Business Name Statement must be filed prior to that date. The filing of this statement does not of itself authorize the use in this state of a Fictitious Business Name in violation of the rights of another under Federal, State, or common law (See section 14411 et seq. Business and Professions Code)
Publish: Mountain Views News Dates Pub: May 13, 20, 27, June 3, 2023
FICTITIOUS BUSINESS NAME STATEMENT File No. 2023100201
The following person(s) is (are) doing business as: ELEMENTO 20454 HEMMINGWAY ST, WINNETKA, CA 91306. AON C5091881 LOS ANGELES COUNTY. Full name of registrant(s) is (are) IN PROSPECTIVE MARKETING INC, 20454 HEMMINGWAY ST, WINNETKA, CA 91306. This Business is conducted by: A CORPORATION. Signed: IN PROSPECTIVE MARKETING INC, ALI POLYAN, CEO. This statement was filed with the County Clerk of Los Angeles County on 05/05/2023. The registrant(s) has (have) commenced to transact business under the fictitious business name or names listed above on 05/2023. NOTICE- This Fictitious Name Statement expires five years from the date it was filed in the office of the County Clerk. A new Fictitious Business Name Statement must be filed prior to that date.
FICTITIOUS BUSINESS NAME STATEMENT File No. 2023101660
The following person(s) is (are) doing business as: ELEGANT FLOORING 6557 WHITSETT AVE, NORTH HOLLYWOOD, CA 91606. LOS ANGELES COUNTY. Full name of registrant(s) is (are) SAMUEL KARAGYAN, 6557 WHITSETT AVE, NORTH HOLLYWOOD, CA 91606. This Business is conducted by: AN INDIVIDUAL. Signed: SAMUEL KARAGYAN, OWNER. This statement was filed with the County Clerk of
Los Angeles County on 05/08/2023. The registrant(s) has (have) commenced to transact business under the fictitious business name or names listed above on 01/2023. NOTICE- This Fictitious Name Statement expires five years from the date it was filed in the office of the County Clerk. A new Fictitious Business Name Statement must be filed prior to that date. The filing of this statement does not of itself authorize the use in this state of a Fictitious Business Name in violation of the rights of another under Federal, State, or common law (See section 14411 et seq. Business and Professions Code)
Publish: ES Mountain Views News Dates Pub: May 13,20, 27, June 3, 2023
FICTITIOUS BUSINESS NAME STATEMENT File No. 2023100413
The following person(s) is (are) doing business as: INDUSTRIAL VALVE SALES 40016 CHELSEA ST, PALMDALE, CA 93551. LOS ANGELES COUNTY. Full name of registrant(s) is (are) AMERE LAWRENCE AUSTIN, 40016 CHELSEA ST, PALMDALE, CA 93551. This Business is conducted by: AN INDIVIDUAL. Signed: AMERE LAWRENCE AUSTIN/OWNER. This statement was filed with the County Clerk of Los Angeles County on 05/10/2023. The registrant(s) has (have) commenced to transact business under the fictitious business name or names listed above on N/A. NOTICE- This Fictitious Name Statement expires five years from the date it was filed in the office of the County Clerk. A new Fictitious Business Name Statement must be filed prior to that date. The filing of this statement does not of itself authorize the use in this state of a Fictitious Business Name in violation of the rights of another under Federal, State, or common law (See section 14411 et seq. Business and Professions Code)
Publish: ES Mountain Views News Dates Pub: May 13,20, 27, June 3, 2023
FICTITIOUS BUSINESS NAME STATEMENT File No. 2023100330
The following person(s) is (are) doing business as: MC CONSTRUCTION & ELECTRICAL 14554 SATICOY ST #2, VAN NUYS, CA 91405. LOS ANGELES COUNTY. Full name of registrant(s) is (are) CRYSTAL MARVELLA RECINOS 14554 SATICOY ST 2A, VAN NUYS, CA 91405. This Business is conducted by: AN INDIVIDUAL. Signed: CRYSTAL MARVELLA RECINOS, OWNER. This statement was filed with the County Clerk of Los Angeles County on 05/10/2023. The registrant(s) has (have) commenced to transact business under the fictitious business name or names listed above on N/A. NOTICE- This Fictitious Name Statement expires five years from the date it was filed in the office of the County Clerk. A new Fictitious Business Name Statement must be filed prior to that date. The filing of this statement does not of itself authorize the use in this state of a Fictitious Business Name in violation of the rights of another under Federal, State, or common law (See section 14411 et seq. Business and Professions Code)
Publish: Mountain Views News Dates Pub: May 13,20, 27, June 3, 2023
FICTITIOUS BUSINESS NAME STATEMENT File No. 2023-098656
The following person(s) is (are) doing business as: SOTO TILE & MARBLE 14605 KESWICK ST VAN NUYS, CA 91405. LOS ANGELES COUNTY. Full name of registrant(s) is (are) ANDREW SOTO 14605 KESWICK ST VAN NUYS, CA 91405. This Business is conducted by: AN INDIVIDUAL. Signed: ANDREW SOTO, OWNER. This statement was filed with the County Clerk of Los Angeles County on 05/11/2023. The registrant(s) has (have) commenced to transact business under the fictitious business name or names listed above on 09/2006. NOTICE- This Fictitious Name Statement expires five years from the date it was filed in the office of the County Clerk. A new Fictitious Business Name Statement must be filed prior to that date. The filing of this statement does not of itself authorize the use in this state of a Fictitious Business Name in violation of the rights of another under Federal, State, or common law (See section 14411 et seq. Business and Professions Code)
Publish: Mountain Views News Dates Pub: May 13,20, 27, June 3, 2023
FICTITIOUS BUSINESS NAME STATEMENT File No. 2023100413
The following person(s) is (are) doing business as: SOUTHERN INTERMODAL XPRESS 40016 CHELSEA CT, PALMDALE, CA 93551. LOS ANGELES COUNTY. Full name of registrant(s) is (are) AMERE LAWRENCE AUSTIN 40016 CHELSEA CT, PALMDALE, CA 93551. This Business is conducted by: AN INDIVIDUAL. Signed: AMERE LAWRENCE AUSTIN, OWNER. This statement was filed with the County Clerk of Los Angeles County on 05/10/2023. The registrant(s) has (have) commenced to transact business under the fictitious business name or names listed above on N/A. NOTICE- This Fictitious Name Statement expires five years from the date it was filed in the office of the County Clerk. A new Fictitious Business Name Statement must be filed prior to that date. The filing of this statement does not of itself authorize the use in this state of a Fictitious Business Name in violation of the rights of another under Federal, State, or common law (See section 14411 et seq. Business and Professions Code)
Publish: ES Mountain Views News Dates Pub: May 13,20, 27, June 3, 2023
FICTITIOUS BUSINESS NAME STATEMENT File No. 2023100273
The following person(s) is (are) doing business as: PROGRESSIVE-INK 5614 FARRALON AVE, WOODLAND HILLS, CA 91367. LOS ANGELES COUNTY. Full name of registrant(s) is (are) JUN KIMOTSUKI 5614 FARRALON AVE, WOODLAND HILLS, CA 91367. This Business is conducted by: AN INDIVIDUAL. Signed: JUN KIMOTSUKI, OWNER. This statement was filed with the County Clerk of Los Angeles County on 05/12/2023. The registrant(s) has (have) commenced to transact business under the fictitious business name or names listed above on N/A. NOTICE- This Fictitious Name Statement expires five years from the date it was filed in the office of the County Clerk. A new Fictitious Business Name Statement must be filed prior to that date. The filing of this statement does not of itself authorize the use in this state of a Fictitious Business Name in violation of the rights of another under Federal, State, or common law (See section 14411 et seq. Business and Professions Code)
Publish: ES Mountain Views News Dates Pub: May 13,20, 27, June 3, 2023
FICTITIOUS BUSINESS NAME STATEMENT File No. 2023100406
The following person(s) is (are) doing business as: HOVSEP TRUCKING 8661 CRONOSE AVE, PANORAMA CITY, CA 91402. LOS ANGELES COUNTY. Full name of registrant(s) is (are) HOVSEP JOE TERTERYAN 8661 CRONOSE AVE, PANORAMA CITY, CA 91402. This Business is conducted by: AN INDIVIDUAL. Signed: HOVSEP JOE TERTERYAN, OWNER. This statement was filed with the County Clerk of Los Angeles County on 05/10/2023. The registrant(s) has (have) commenced to transact business under the fictitious business name or names listed above on 08/2015. NOTICE- This Fictitious Name Statement expires five years from the date it was filed in the office of the County Clerk. A new Fictitious Business Name Statement must be filed prior to that date. The filing of this statement does not of itself authorize the use in this state of a Fictitious Business Name in violation of the rights of another under Federal, State, or common law (See section 14411 et seq. Business and Professions Code)
Publish: ES Mountain Views News Dates Pub: May 13,20, 27, June 3, 2023
FICTITIOUS BUSINESS NAME STATEMENT File No. 2023100054
The following person(s) is (are) doing business as: GMX PACKAGING 14550 ALTINA ST, VAN NUYS, CA 91405. GMX PACKAGING 10131 LOUISE AVE, NORTHRIDGE, CA 91325. LOS ANGELES COUNTY. Full name of registrant(s) is (are) GONZALO A ALVAREZ 14550 ALTINA ST VAN NUYS, CA 91405. This Business is conducted by: AN INDIVIDUAL. Signed: GONZALO A ALVAREZ, OWNER. This statement was filed with the County Clerk of Los Angeles County on 05/05/2023. The registrant(s) has (have) commenced to transact business under the fictitious business name or names listed above on 12/2022. NOTICE- This Fictitious Name Statement expires five years from the date it was filed in the office of the County Clerk. A new Fictitious Business Name Statement must be filed prior to that date. The filing of this statement does not of itself authorize the use in this state of a Fictitious Business Name in violation of the rights of another under Federal, State, or common law (See section 14411 et seq. Business and Professions Code)
Publish: ES Mountain Views News Dates Pub: May 13,20, 27, June 3, 2023
FICTITIOUS BUSINESS NAME STATEMENT File No. 2023100403
The following person(s) is (are) doing business as: VISION BOTANICA CENTER 18516 SHERMAN WAY, RESEDA, CA 91335. LOS ANGELES COUNTY. Full name of registrant(s) is (are) MERCEDES HERNANDEZ 18516 SHERMAN WAY, RESEDA, CA 91335. This Business is conducted by: AN INDIVIDUAL. Signed: MERCEDES HERNANDEZ, OWNER. This statement was filed with the County Clerk of Los Angeles County on 05/11/2023. The registrant(s) has (have) commenced to transact business under the fictitious business name or names listed above on 05/2023. NOTICE- This Fictitious Name Statement expires five years from the date it was filed in the office of the County Clerk. A new Fictitious Business Name Statement must be filed prior to that date. The filing of this statement does not of itself authorize the use in this state of a Fictitious Business Name in violation of the rights of another under Federal, State, or common law (See section 14411 et seq. Business and Professions Code)
Publish: ES Mountain Views News Dates Pub: May 13,20, 27, June 3, 2023
FICTITIOUS BUSINESS NAME STATEMENT File No. 2023100291
The following person(s) is (are) doing business as: ALL TRUCKING CO 667 E ALAMEDA ST, GLENDALE, CA 91205. LOS ANGELES COUNTY. Full name of registrant(s) is (are) SMBAT GAGIKI MARTIROSYAN 667 E ALCALA ST 9, GLENDALE, CA 91205. This Business is conducted by: AN INDIVIDUAL. Signed: GAGIKI MARTIROSYAN, OWNER. This statement was filed with the County Clerk of Los Angeles County on 05/11/2023. The registrant(s) has (have) commenced to transact business under the fictitious business name or names listed above on 05/2023. NOTICE- This Fictitious Name Statement expires five years from the date it was filed in the office of the County Clerk. A new Fictitious Business Name Statement must be filed prior to that date. The filing of this statement does not of itself authorize the use in this state of a Fictitious Business Name in violation of the rights of another under Federal, State, or common law (See section 14411 et seq. Business and Professions Code)
